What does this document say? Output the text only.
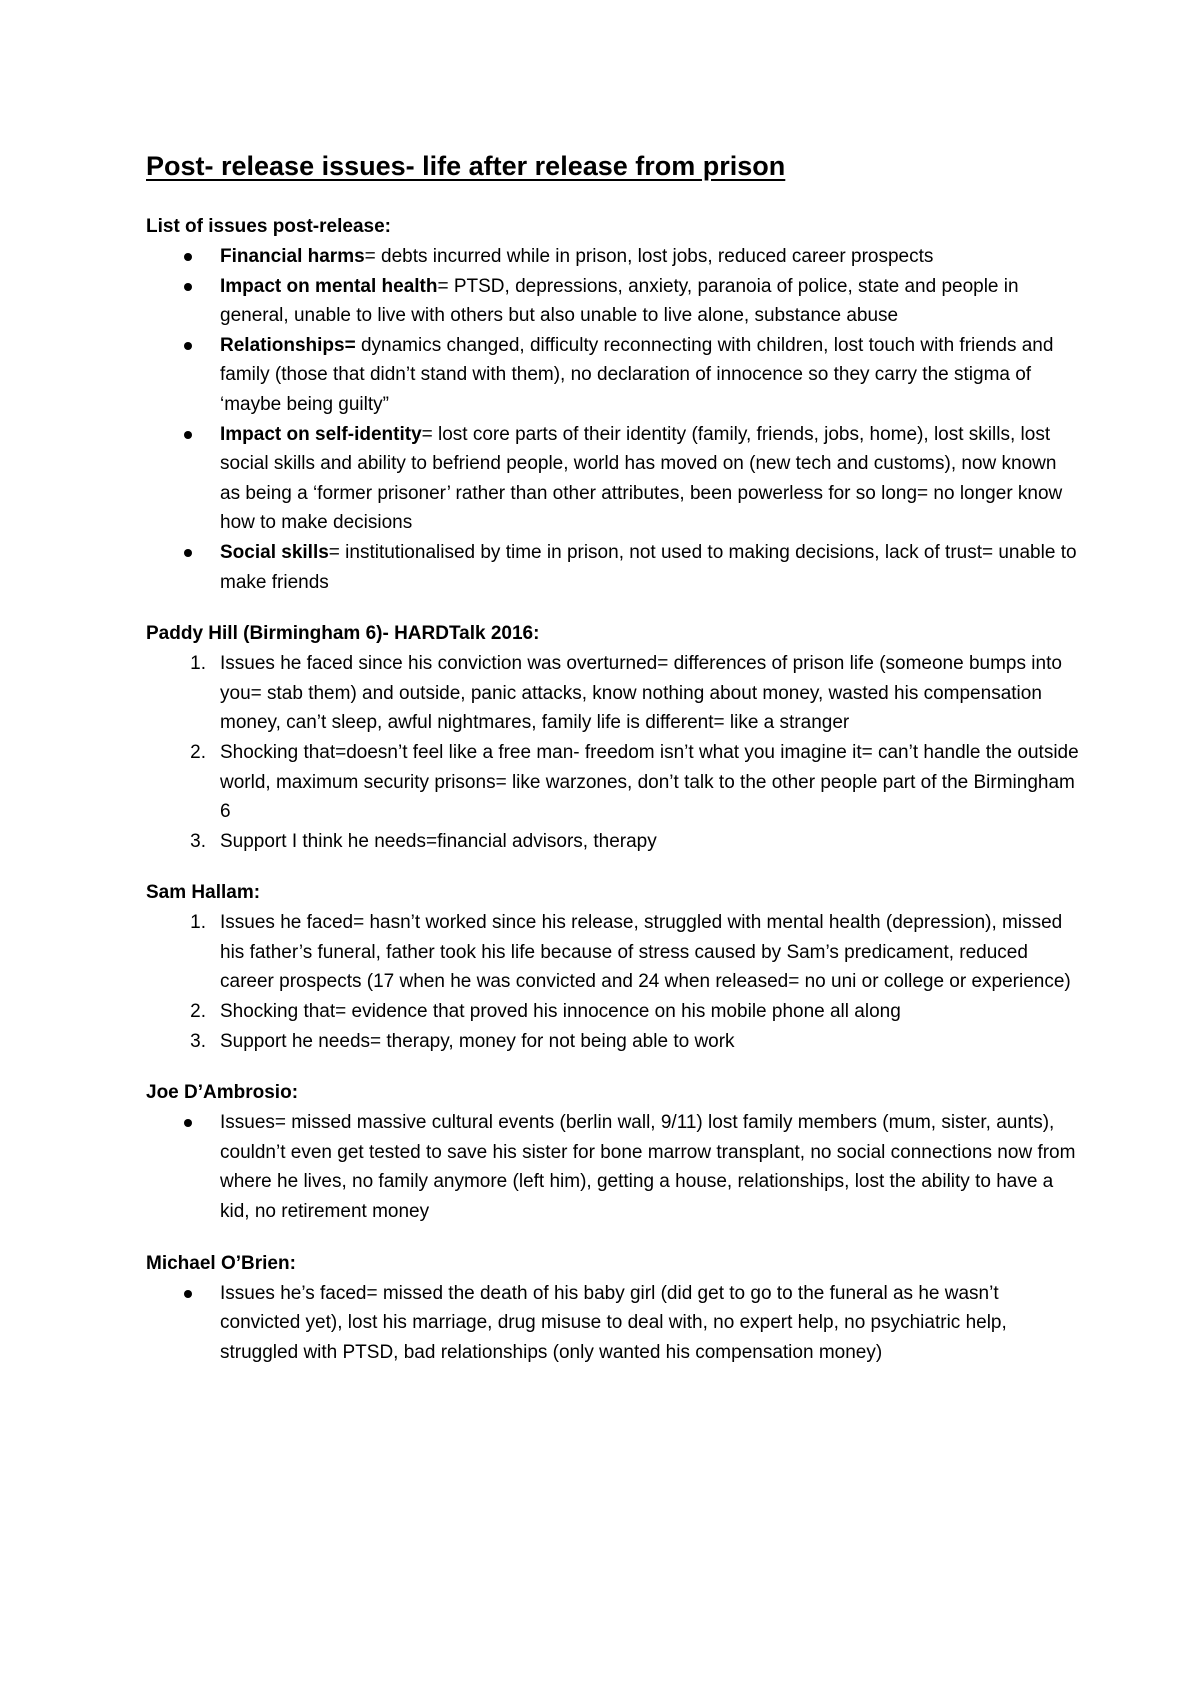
Post- release issues- life after release from prison
List of issues post-release:
Financial harms= debts incurred while in prison, lost jobs, reduced career prospects
Impact on mental health= PTSD, depressions, anxiety, paranoia of police, state and people in general, unable to live with others but also unable to live alone, substance abuse
Relationships= dynamics changed, difficulty reconnecting with children, lost touch with friends and family (those that didn’t stand with them), no declaration of innocence so they carry the stigma of ‘maybe being guilty”
Impact on self-identity= lost core parts of their identity (family, friends, jobs, home), lost skills, lost social skills and ability to befriend people, world has moved on (new tech and customs), now known as being a ‘former prisoner’ rather than other attributes, been powerless for so long= no longer know how to make decisions
Social skills= institutionalised by time in prison, not used to making decisions, lack of trust= unable to make friends
Paddy Hill (Birmingham 6)- HARDTalk 2016:
1. Issues he faced since his conviction was overturned= differences of prison life (someone bumps into you= stab them) and outside, panic attacks, know nothing about money, wasted his compensation money, can’t sleep, awful nightmares, family life is different= like a stranger
2. Shocking that=doesn’t feel like a free man- freedom isn’t what you imagine it= can’t handle the outside world, maximum security prisons= like warzones, don’t talk to the other people part of the Birmingham 6
3. Support I think he needs=financial advisors, therapy
Sam Hallam:
1. Issues he faced= hasn’t worked since his release, struggled with mental health (depression), missed his father’s funeral, father took his life because of stress caused by Sam’s predicament, reduced career prospects (17 when he was convicted and 24 when released= no uni or college or experience)
2. Shocking that= evidence that proved his innocence on his mobile phone all along
3. Support he needs= therapy, money for not being able to work
Joe D’Ambrosio:
Issues= missed massive cultural events (berlin wall, 9/11) lost family members (mum, sister, aunts), couldn’t even get tested to save his sister for bone marrow transplant, no social connections now from where he lives, no family anymore (left him), getting a house, relationships, lost the ability to have a kid, no retirement money
Michael O’Brien:
Issues he’s faced= missed the death of his baby girl (did get to go to the funeral as he wasn’t convicted yet), lost his marriage, drug misuse to deal with, no expert help, no psychiatric help, struggled with PTSD, bad relationships (only wanted his compensation money)
